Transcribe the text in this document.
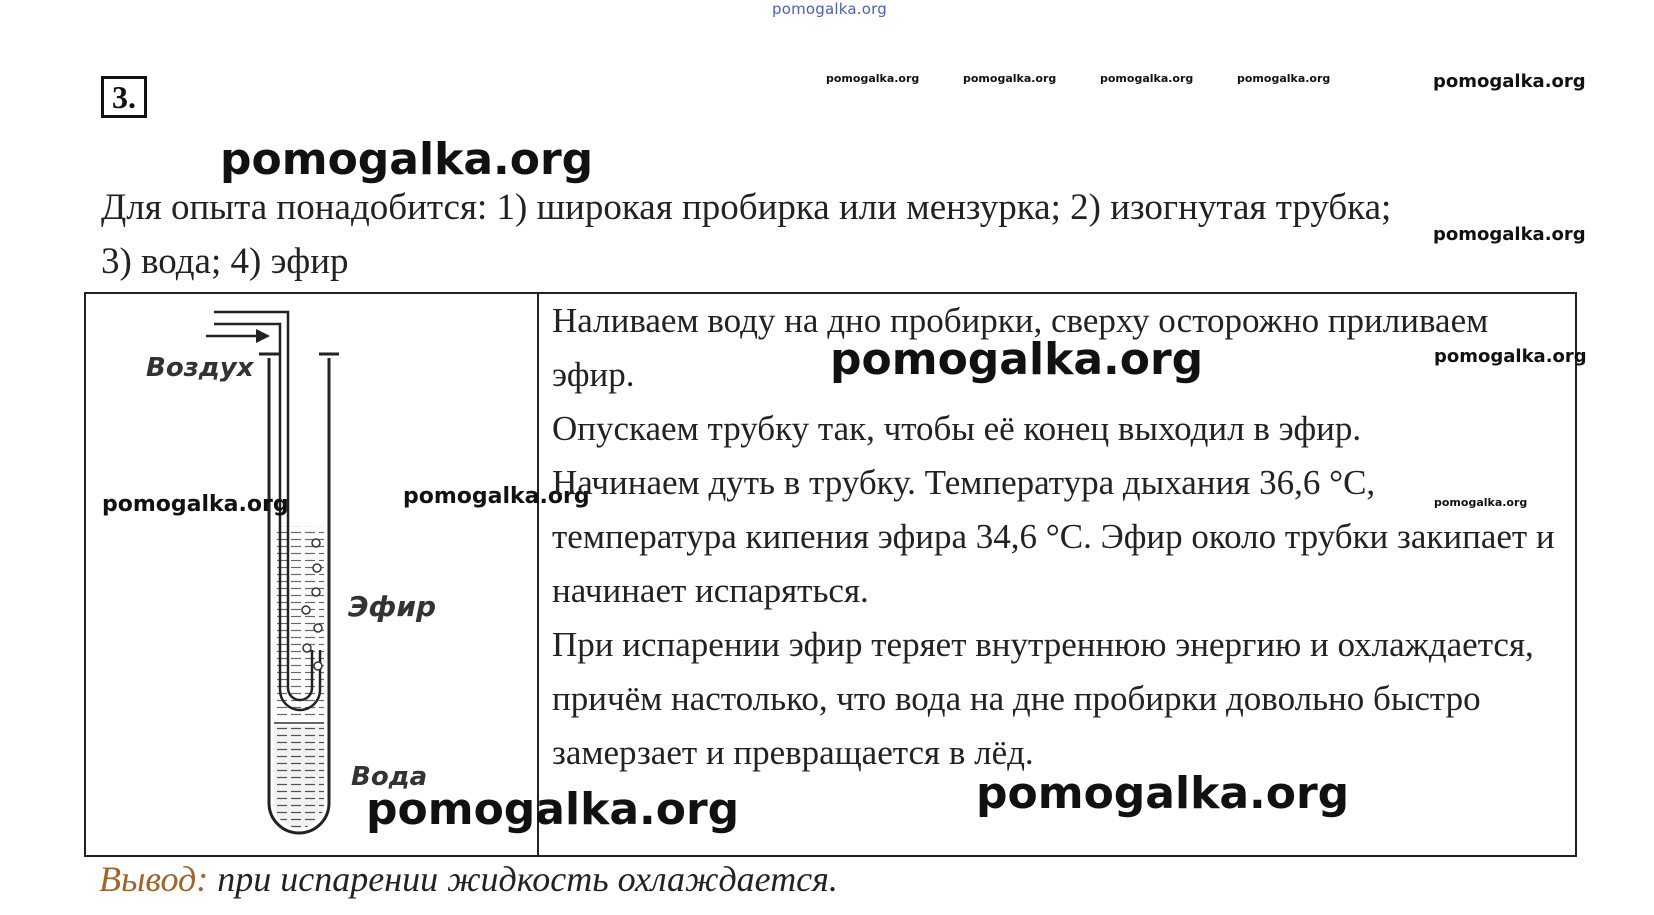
pomogalka.org
pomogalka.org	pomogalka.org	pomogalka.org	pomogalka.org	pomogalka.org
pomogalka.org
pomogalka.org
3.
Для опыта понадобится: 1) широкая пробирка или мензурка; 2) изогнутая трубка;
3) вода; 4) эфир
Воздух
Эфир
Вода
pomogalka.org	pomogalka.org
pomogalka.org

Наливаем воду на дно пробирки, сверху осторожно приливаем эфир.

Опускаем трубку так, чтобы её конец выходил в эфир.

Начинаем дуть в трубку. Температура дыхания 36,6 °С, температура кипения эфира 34,6 °С. Эфир около трубки закипает и начинает испаряться.

При испарении эфир теряет внутреннюю энергию и охлаждается, причём настолько, что вода на дне пробирки довольно быстро замерзает и превращается в лёд.

pomogalka.org	pomogalka.org
pomogalka.org
pomogalka.org
Вывод: при испарении жидкость охлаждается.
